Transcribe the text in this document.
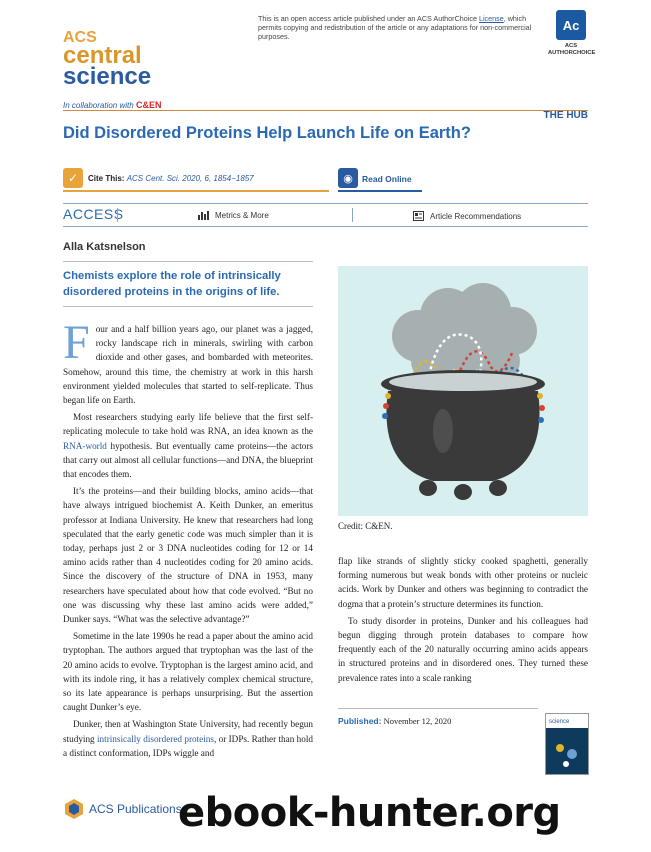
ACS
central
science
This is an open access article published under an ACS AuthorChoice License, which permits copying and redistribution of the article or any adaptations for non-commercial purposes.
Ac
ACS
AUTHORCHOICE
In collaboration with C&EN
THE HUB
Did Disordered Proteins Help Launch Life on Earth?
✓	Cite This: ACS Cent. Sci. 2020, 6, 1854−1857	◉	Read Online
ACCESS	Metrics & More	Article Recommendations
Alla Katsnelson
Chemists explore the role of intrinsically disordered proteins in the origins of life.

Four and a half billion years ago, our planet was a jagged, rocky landscape rich in minerals, swirling with carbon dioxide and other gases, and bombarded with meteorites. Somehow, around this time, the chemistry at work in this harsh environment yielded molecules that started to self-replicate. Thus began life on Earth.

Most researchers studying early life believe that the first self-replicating molecule to take hold was RNA, an idea known as the RNA-world hypothesis. But eventually came proteins—the actors that carry out almost all cellular functions—and DNA, the blueprint that encodes them.

It’s the proteins—and their building blocks, amino acids—that have always intrigued biochemist A. Keith Dunker, an emeritus professor at Indiana University. He knew that researchers had long speculated that the early genetic code was much simpler than it is today, perhaps just 2 or 3 DNA nucleotides coding for 12 or 14 amino acids rather than 4 nucleotides coding for 20 amino acids. Since the discovery of the structure of DNA in 1953, many researchers have speculated about how that code evolved. “But no one was discussing why these last amino acids were added,” Dunker says. “What was the selective advantage?”

Sometime in the late 1990s he read a paper about the amino acid tryptophan. The authors argued that tryptophan was the last of the 20 amino acids to evolve. Tryptophan is the largest amino acid, and with its indole ring, it has a relatively complex chemical structure, so its late appearance is perhaps unsurprising. But the assertion caught Dunker’s eye.

Dunker, then at Washington State University, had recently begun studying intrinsically disordered proteins, or IDPs. Rather than hold a distinct conformation, IDPs wiggle and

Credit: C&EN.

flap like strands of slightly sticky cooked spaghetti, generally forming numerous but weak bonds with other proteins or nucleic acids. Work by Dunker and others was beginning to contradict the dogma that a protein’s structure determines its function.

To study disorder in proteins, Dunker and his colleagues had begun digging through protein databases to compare how frequently each of the 20 naturally occurring amino acids appears in structured proteins and in disordered ones. They turned these prevalence rates into a scale ranking

Published: November 12, 2020	science
ACS Publications
ebook-hunter.org
